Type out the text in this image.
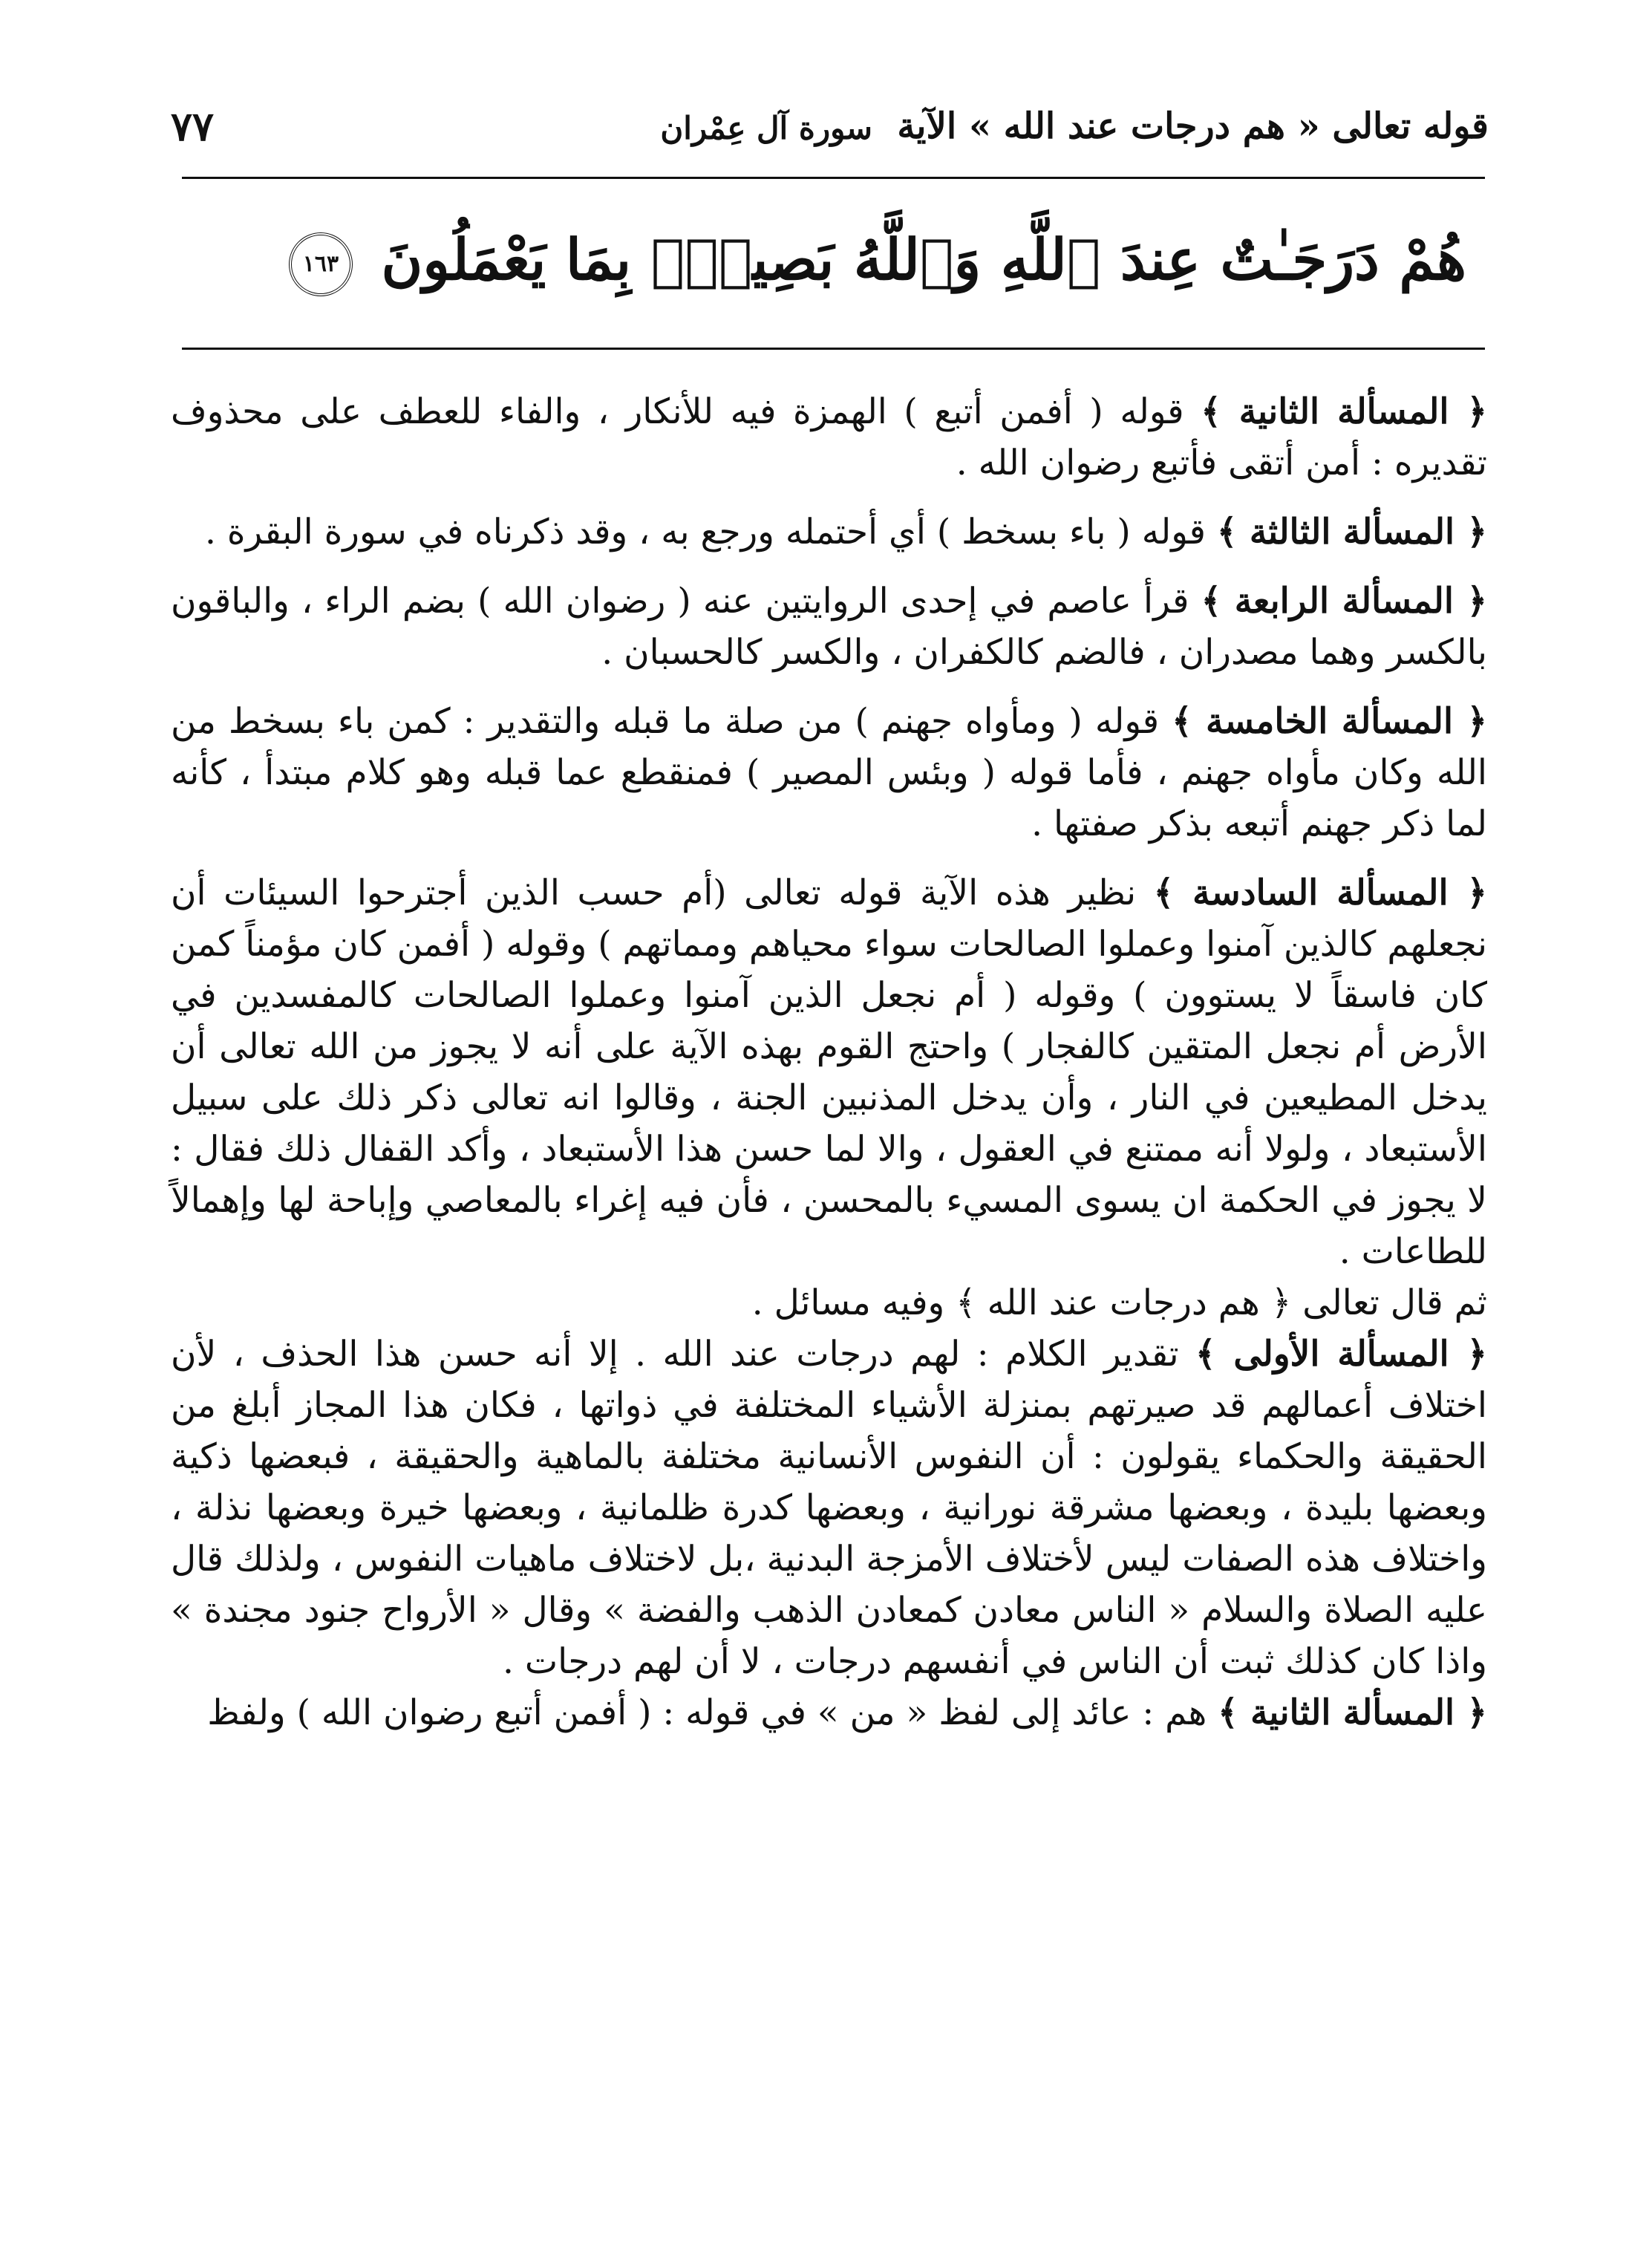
قوله تعالى « هم درجات عند الله » الآية
سورة آل عِمْران
٧٧
هُمْ دَرَجَـٰتٌ عِندَ ٱللَّهِ وَٱللَّهُ بَصِيرٌۢ بِمَا يَعْمَلُونَ ١٦٣

﴿ المسألة الثانية ﴾ قوله ( أفمن أتبع ) الهمزة فيه للأنكار ، والفاء للعطف على محذوف تقديره : أمن أتقى فأتبع رضوان الله .

﴿ المسألة الثالثة ﴾ قوله ( باء بسخط ) أي أحتمله ورجع به ، وقد ذكرناه في سورة البقرة .

﴿ المسألة الرابعة ﴾ قرأ عاصم في إحدى الروايتين عنه ( رضوان الله ) بضم الراء ، والباقون بالكسر وهما مصدران ، فالضم كالكفران ، والكسر كالحسبان .

﴿ المسألة الخامسة ﴾ قوله ( ومأواه جهنم ) من صلة ما قبله والتقدير : كمن باء بسخط من الله وكان مأواه جهنم ، فأما قوله ( وبئس المصير ) فمنقطع عما قبله وهو كلام مبتدأ ، كأنه لما ذكر جهنم أتبعه بذكر صفتها .

﴿ المسألة السادسة ﴾ نظير هذه الآية قوله تعالى (أم حسب الذين أجترحوا السيئات أن نجعلهم كالذين آمنوا وعملوا الصالحات سواء محياهم ومماتهم ) وقوله ( أفمن كان مؤمناً كمن كان فاسقاً لا يستوون ) وقوله ( أم نجعل الذين آمنوا وعملوا الصالحات كالمفسدين في الأرض أم نجعل المتقين كالفجار ) واحتج القوم بهذه الآية على أنه لا يجوز من الله تعالى أن يدخل المطيعين في النار ، وأن يدخل المذنبين الجنة ، وقالوا انه تعالى ذكر ذلك على سبيل الأستبعاد ، ولولا أنه ممتنع في العقول ، والا لما حسن هذا الأستبعاد ، وأكد القفال ذلك فقال : لا يجوز في الحكمة ان يسوى المسيء بالمحسن ، فأن فيه إغراء بالمعاصي وإباحة لها وإهمالاً للطاعات .

ثم قال تعالى ﴿ هم درجات عند الله ﴾ وفيه مسائل .

﴿ المسألة الأولى ﴾ تقدير الكلام : لهم درجات عند الله . إلا أنه حسن هذا الحذف ، لأن اختلاف أعمالهم قد صيرتهم بمنزلة الأشياء المختلفة في ذواتها ، فكان هذا المجاز أبلغ من الحقيقة والحكماء يقولون : أن النفوس الأنسانية مختلفة بالماهية والحقيقة ، فبعضها ذكية وبعضها بليدة ، وبعضها مشرقة نورانية ، وبعضها كدرة ظلمانية ، وبعضها خيرة وبعضها نذلة ، واختلاف هذه الصفات ليس لأختلاف الأمزجة البدنية ،بل لاختلاف ماهيات النفوس ، ولذلك قال عليه الصلاة والسلام « الناس معادن كمعادن الذهب والفضة » وقال « الأرواح جنود مجندة » واذا كان كذلك ثبت أن الناس في أنفسهم درجات ، لا أن لهم درجات .

﴿ المسألة الثانية ﴾ هم : عائد إلى لفظ « من » في قوله : ( أفمن أتبع رضوان الله ) ولفظ
